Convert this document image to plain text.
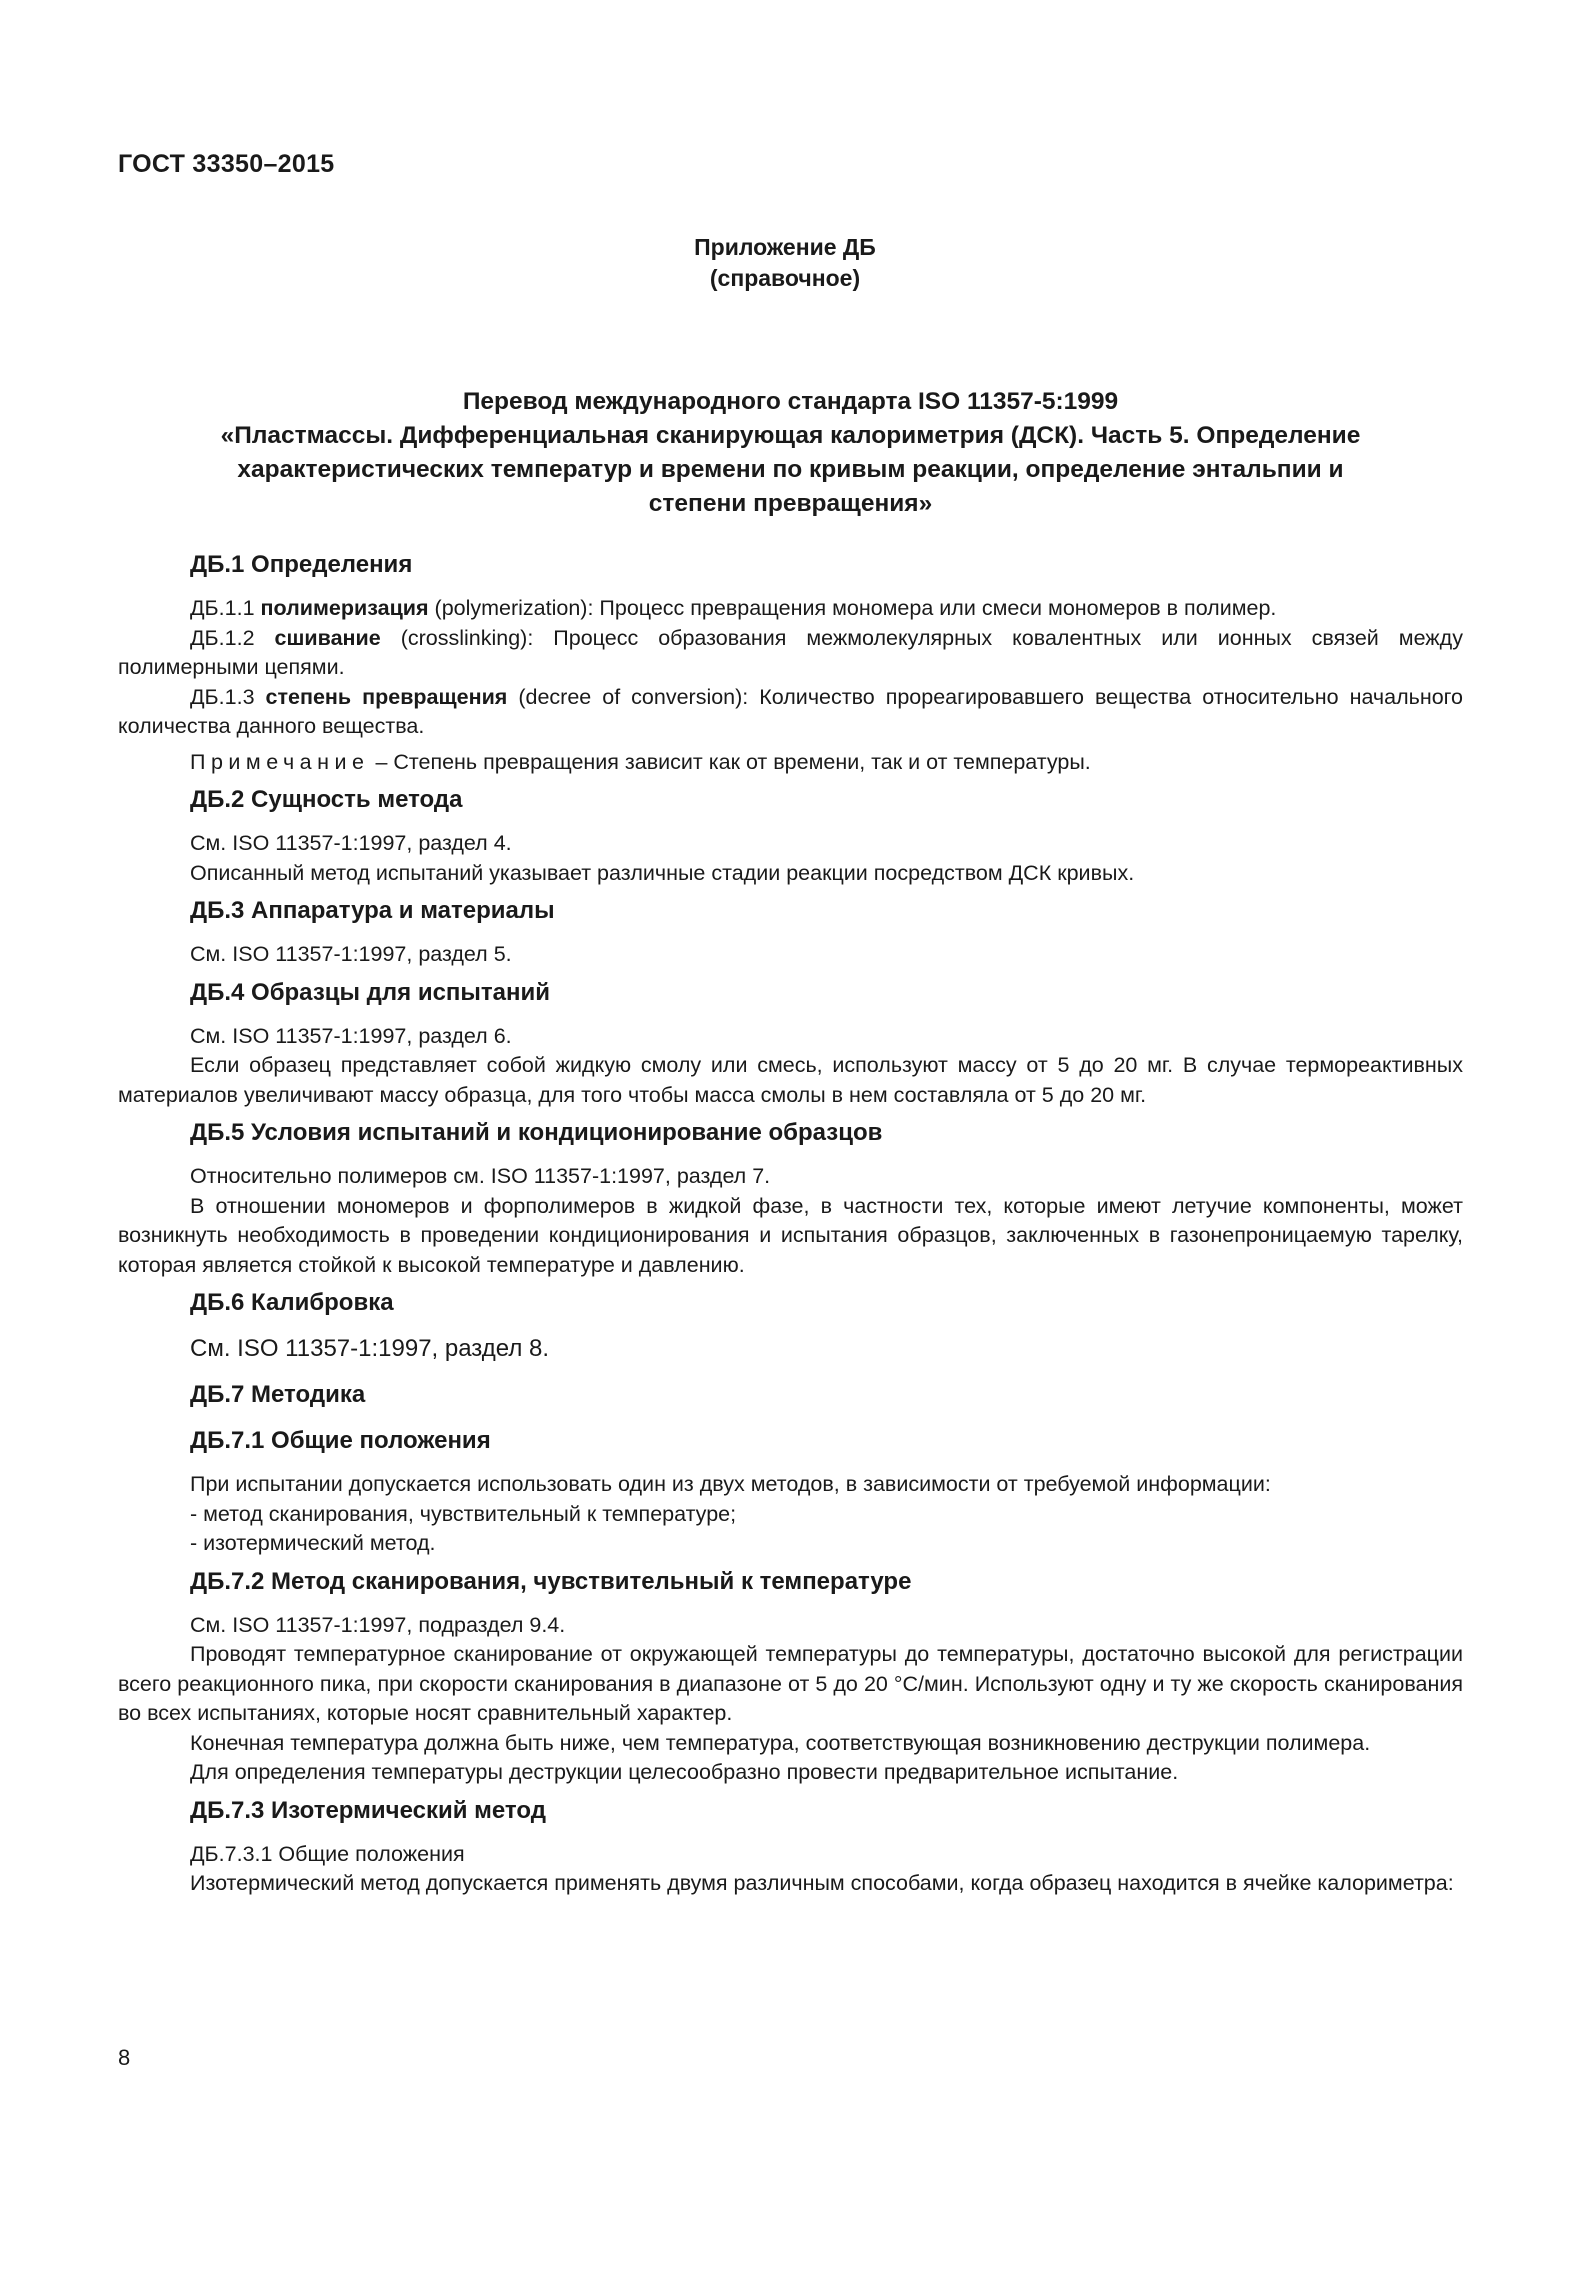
ГОСТ 33350–2015
Приложение ДБ
(справочное)
Перевод международного стандарта ISO 11357-5:1999
«Пластмассы. Дифференциальная сканирующая калориметрия (ДСК). Часть 5. Определение
характеристических температур и времени по кривым реакции, определение энтальпии и
степени превращения»
ДБ.1 Определения
ДБ.1.1 полимеризация (polymerization): Процесс превращения мономера или смеси мономеров в полимер.
ДБ.1.2 сшивание (crosslinking): Процесс образования межмолекулярных ковалентных или ионных связей между полимерными цепями.
ДБ.1.3 степень превращения (decree of conversion): Количество прореагировавшего вещества относительно начального количества данного вещества.
Примечание – Степень превращения зависит как от времени, так и от температуры.
ДБ.2 Сущность метода
См. ISO 11357-1:1997, раздел 4.
Описанный метод испытаний указывает различные стадии реакции посредством ДСК кривых.
ДБ.3 Аппаратура и материалы
См. ISO 11357-1:1997, раздел 5.
ДБ.4 Образцы для испытаний
См. ISO 11357-1:1997, раздел 6.
Если образец представляет собой жидкую смолу или смесь, используют массу от 5 до 20 мг. В случае термореактивных материалов увеличивают массу образца, для того чтобы масса смолы в нем составляла от 5 до 20 мг.
ДБ.5 Условия испытаний и кондиционирование образцов
Относительно полимеров см. ISO 11357-1:1997, раздел 7.
В отношении мономеров и форполимеров в жидкой фазе, в частности тех, которые имеют летучие компоненты, может возникнуть необходимость в проведении кондиционирования и испытания образцов, заключенных в газонепроницаемую тарелку, которая является стойкой к высокой температуре и давлению.
ДБ.6 Калибровка
См. ISO 11357-1:1997, раздел 8.
ДБ.7 Методика
ДБ.7.1 Общие положения
При испытании допускается использовать один из двух методов, в зависимости от требуемой информации:
- метод сканирования, чувствительный к температуре;
- изотермический метод.
ДБ.7.2 Метод сканирования, чувствительный к температуре
См. ISO 11357-1:1997, подраздел 9.4.
Проводят температурное сканирование от окружающей температуры до температуры, достаточно высокой для регистрации всего реакционного пика, при скорости сканирования в диапазоне от 5 до 20 °С/мин. Используют одну и ту же скорость сканирования во всех испытаниях, которые носят сравнительный характер.
Конечная температура должна быть ниже, чем температура, соответствующая возникновению деструкции полимера.
Для определения температуры деструкции целесообразно провести предварительное испытание.
ДБ.7.3 Изотермический метод
ДБ.7.3.1 Общие положения
Изотермический метод допускается применять двумя различным способами, когда образец находится в ячейке калориметра:
8
